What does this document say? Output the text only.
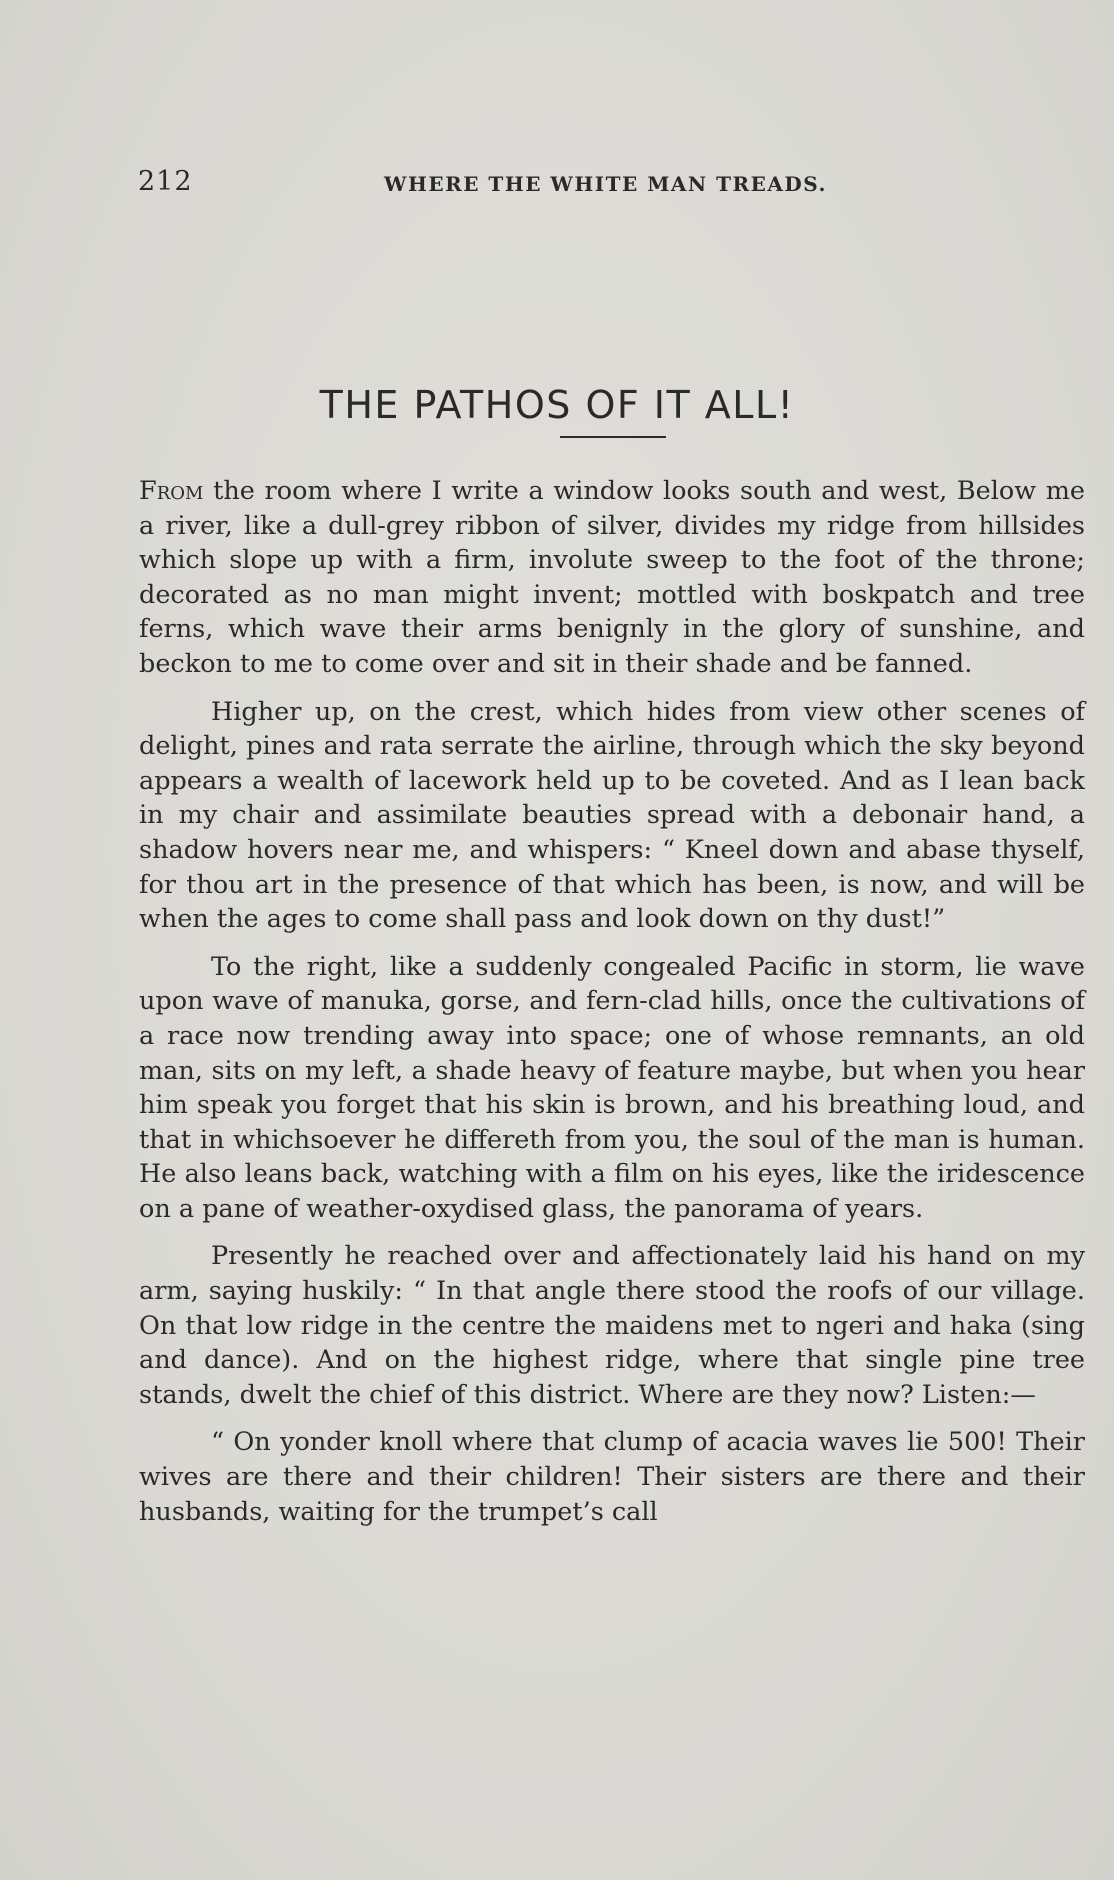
212	WHERE THE WHITE MAN TREADS.
THE PATHOS OF IT ALL!

From the room where I write a window looks south and west, Below me a river, like a dull-grey ribbon of silver, divides my ridge from hillsides which slope up with a firm, involute sweep to the foot of the throne; decorated as no man might invent; mottled with boskpatch and tree ferns, which wave their arms benignly in the glory of sunshine, and beckon to me to come over and sit in their shade and be fanned.

Higher up, on the crest, which hides from view other scenes of delight, pines and rata serrate the airline, through which the sky beyond appears a wealth of lacework held up to be coveted. And as I lean back in my chair and assimilate beauties spread with a debonair hand, a shadow hovers near me, and whispers: “ Kneel down and abase thyself, for thou art in the presence of that which has been, is now, and will be when the ages to come shall pass and look down on thy dust!”

To the right, like a suddenly congealed Pacific in storm, lie wave upon wave of manuka, gorse, and fern-clad hills, once the cultivations of a race now trending away into space; one of whose remnants, an old man, sits on my left, a shade heavy of feature maybe, but when you hear him speak you forget that his skin is brown, and his breathing loud, and that in whichsoever he differeth from you, the soul of the man is human. He also leans back, watching with a film on his eyes, like the iridescence on a pane of weather-oxydised glass, the panorama of years.

Presently he reached over and affectionately laid his hand on my arm, saying huskily: “ In that angle there stood the roofs of our village. On that low ridge in the centre the maidens met to ngeri and haka (sing and dance). And on the highest ridge, where that single pine tree stands, dwelt the chief of this district. Where are they now? Listen:—

“ On yonder knoll where that clump of acacia waves lie 500! Their wives are there and their children! Their sisters are there and their husbands, waiting for the trumpet’s call
